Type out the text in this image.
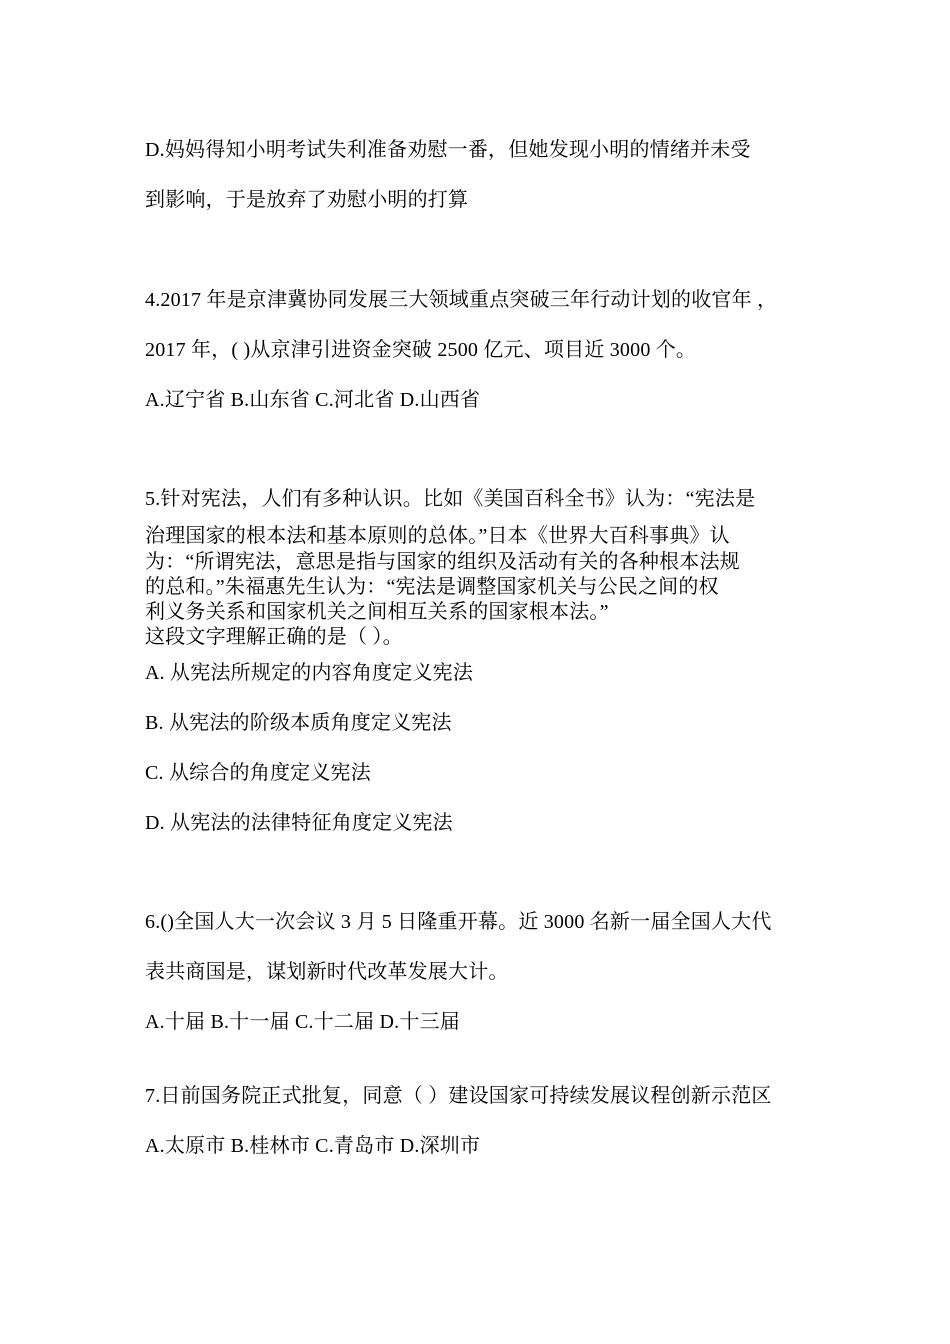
D.妈妈得知小明考试失利准备劝慰一番，但她发现小明的情绪并未受
到影响，于是放弃了劝慰小明的打算
4.2017 年是京津冀协同发展三大领域重点突破三年行动计划的收官年 ，
2017 年，( )从京津引进资金突破 2500 亿元、项目近 3000 个。
A.辽宁省 B.山东省 C.河北省 D.山西省
5.针对宪法，人们有多种认识。比如《美国百科全书》认为：“宪法是
治理国家的根本法和基本原则的总体。”日本《世界大百科事典》认
为：“所谓宪法，意思是指与国家的组织及活动有关的各种根本法规
的总和。”朱福惠先生认为：“宪法是调整国家机关与公民之间的权
利义务关系和国家机关之间相互关系的国家根本法。”
这段文字理解正确的是（ ）。
A. 从宪法所规定的内容角度定义宪法
B. 从宪法的阶级本质角度定义宪法
C. 从综合的角度定义宪法
D. 从宪法的法律特征角度定义宪法
6.()全国人大一次会议 3 月 5 日隆重开幕。近 3000 名新一届全国人大代
表共商国是，谋划新时代改革发展大计。
A.十届 B.十一届 C.十二届 D.十三届
7.日前国务院正式批复，同意（ ）建设国家可持续发展议程创新示范区
A.太原市 B.桂林市 C.青岛市 D.深圳市
